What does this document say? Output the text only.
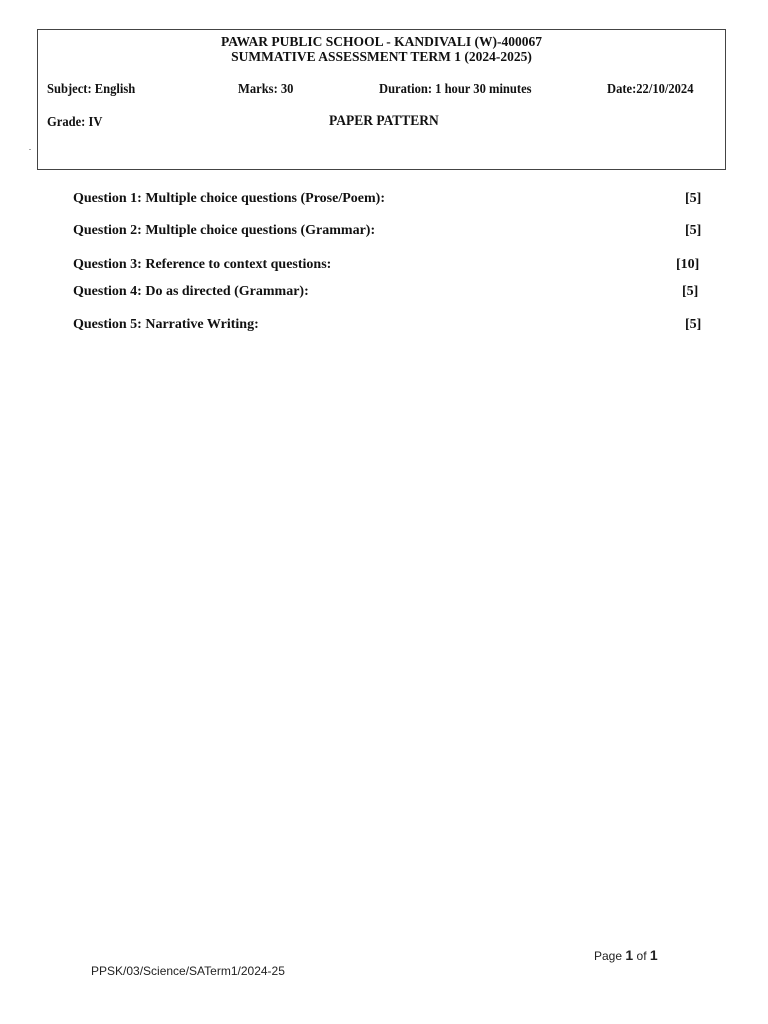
PAWAR PUBLIC SCHOOL - KANDIVALI (W)-400067
SUMMATIVE ASSESSMENT TERM 1 (2024-2025)
Subject: English	Marks: 30	Duration: 1 hour 30 minutes	Date:22/10/2024
Grade: IV	PAPER PATTERN
.
Question 1: Multiple choice questions (Prose/Poem):	[5]
Question 2: Multiple choice questions (Grammar):	[5]
Question 3: Reference to context questions:	[10]
Question 4: Do as directed (Grammar):	[5]
Question 5: Narrative Writing:	[5]
Page 1 of 1
PPSK/03/Science/SATerm1/2024-25
